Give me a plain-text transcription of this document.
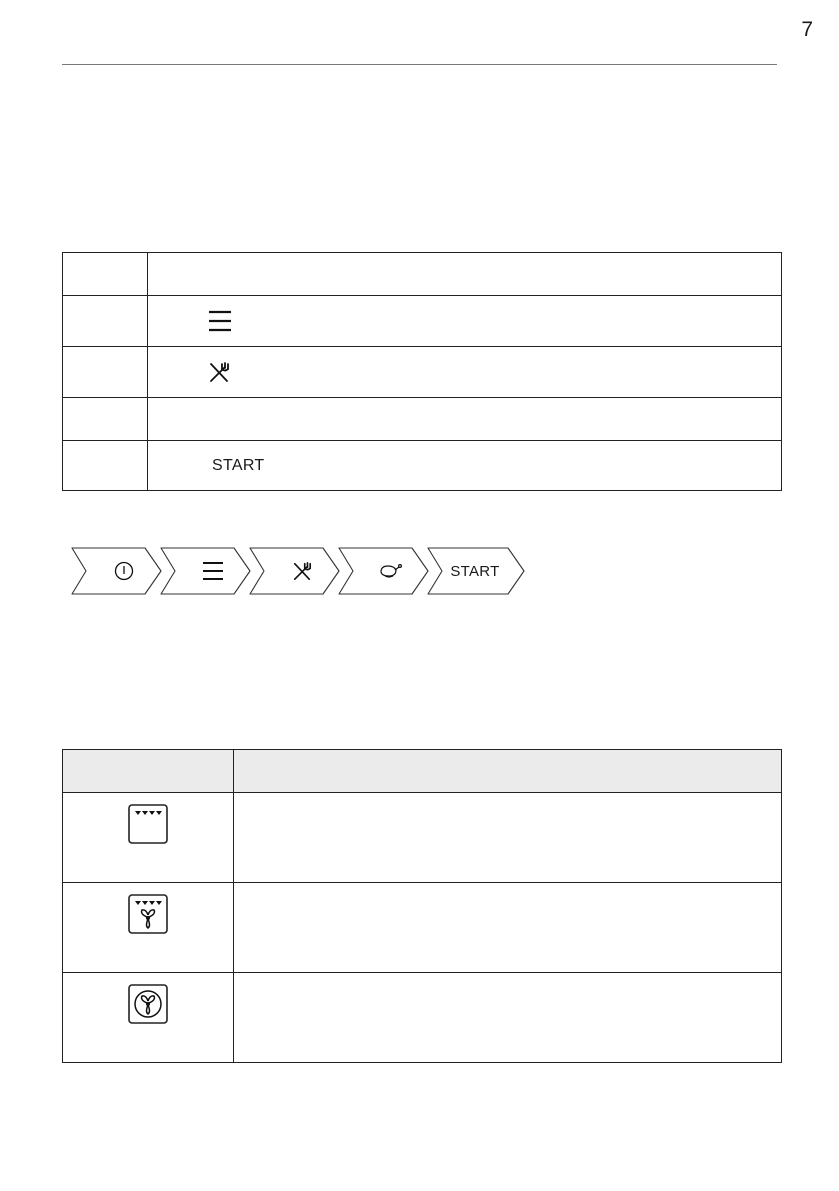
7

	START
START
